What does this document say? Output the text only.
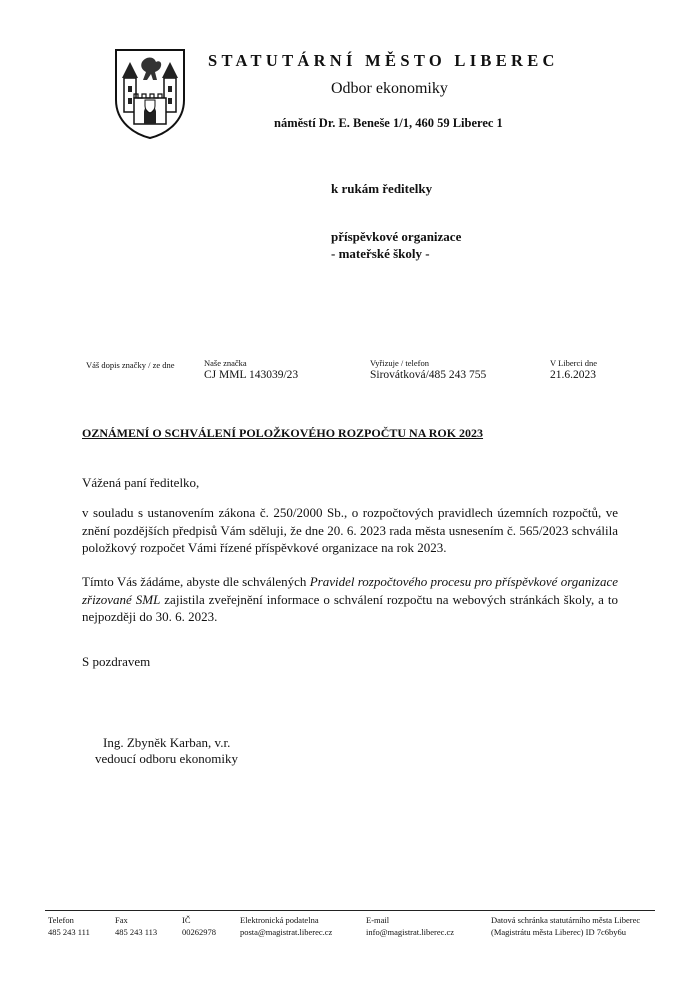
STATUTÁRNÍ MĚSTO LIBEREC
Odbor ekonomiky
náměstí Dr. E. Beneše 1/1, 460 59 Liberec 1
k rukám ředitelky
příspěvkové organizace
- mateřské školy -
Váš dopis značky / ze dne	Naše značka
CJ MML 143039/23
Vyřizuje / telefon
Sirovátková/485 243 755
V Liberci dne
21.6.2023
OZNÁMENÍ O SCHVÁLENÍ POLOŽKOVÉHO ROZPOČTU NA ROK 2023
Vážená paní ředitelko,
v souladu s ustanovením zákona č. 250/2000 Sb., o rozpočtových pravidlech územních rozpočtů, ve znění pozdějších předpisů Vám sděluji, že dne 20. 6. 2023 rada města usnesením č. 565/2023 schválila položkový rozpočet Vámi řízené příspěvkové organizace na rok 2023.
Tímto Vás žádáme, abyste dle schválených Pravidel rozpočtového procesu pro příspěvkové organizace zřizované SML zajistila zveřejnění informace o schválení rozpočtu na webových stránkách školy, a to nejpozději do 30. 6. 2023.
S pozdravem
Ing. Zbyněk Karban, v.r.
vedoucí odboru ekonomiky
Telefon
485 243 111
Fax
485 243 113
IČ
00262978
Elektronická podatelna
posta@magistrat.liberec.cz
E-mail
info@magistrat.liberec.cz
Datová schránka statutárního města Liberec
(Magistrátu města Liberec) ID 7c6by6u
